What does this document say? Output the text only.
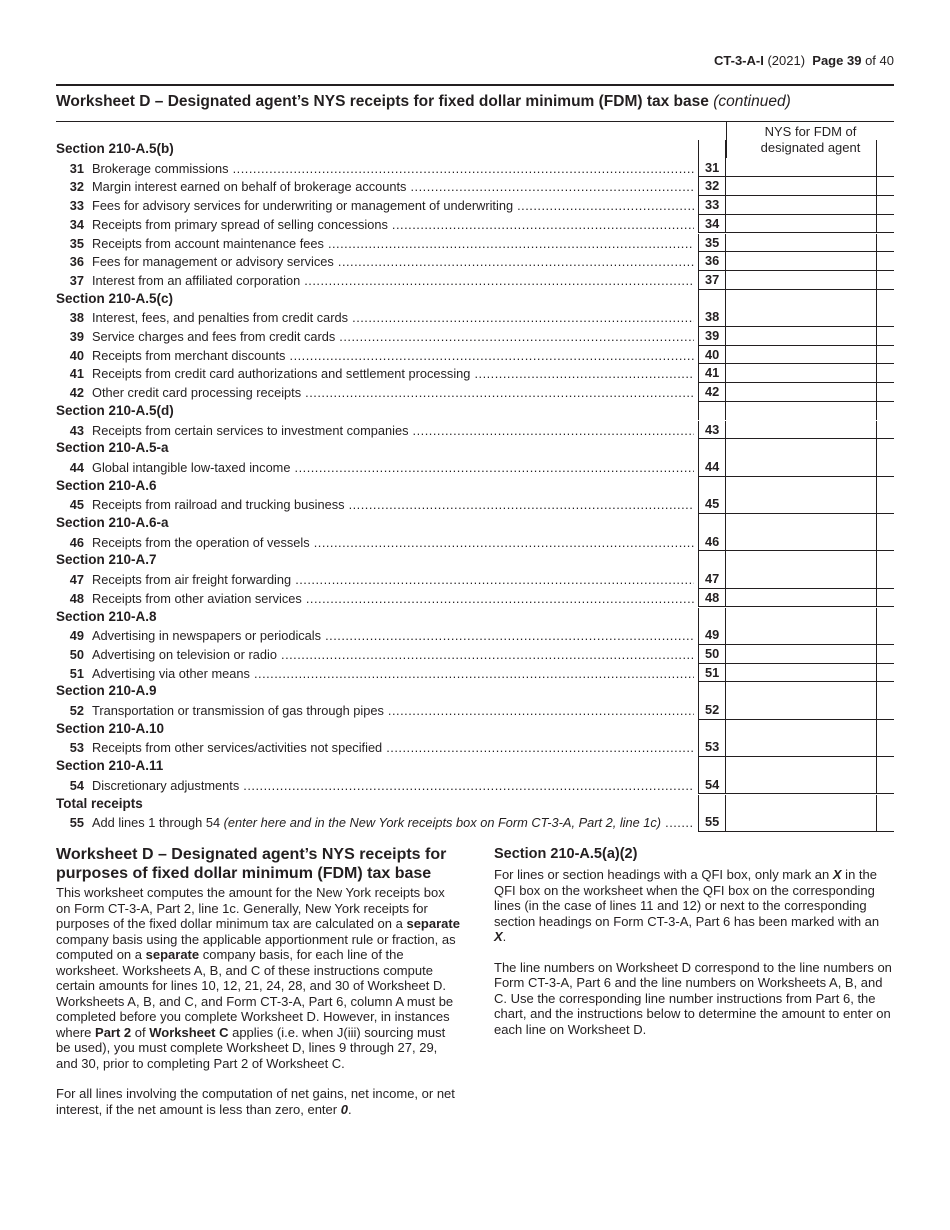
CT-3-A-I (2021) Page 39 of 40
Worksheet D – Designated agent’s NYS receipts for fixed dollar minimum (FDM) tax base (continued)
NYS for FDM of
designated agent
Section 210-A.5(b)
31 Brokerage commissions .....	31
32 Margin interest earned on behalf of brokerage accounts .....	32
33 Fees for advisory services for underwriting or management of underwriting .....	33
34 Receipts from primary spread of selling concessions .....	34
35 Receipts from account maintenance fees .....	35
36 Fees for management or advisory services .....	36
37 Interest from an affiliated corporation .....	37
Section 210-A.5(c)
38 Interest, fees, and penalties from credit cards .....	38
39 Service charges and fees from credit cards .....	39
40 Receipts from merchant discounts .....	40
41 Receipts from credit card authorizations and settlement processing .....	41
42 Other credit card processing receipts .....	42
Section 210-A.5(d)
43 Receipts from certain services to investment companies .....	43
Section 210-A.5-a
44 Global intangible low-taxed income .....	44
Section 210-A.6
45 Receipts from railroad and trucking business .....	45
Section 210-A.6-a
46 Receipts from the operation of vessels .....	46
Section 210-A.7
47 Receipts from air freight forwarding .....	47
48 Receipts from other aviation services .....	48
Section 210-A.8
49 Advertising in newspapers or periodicals .....	49
50 Advertising on television or radio .....	50
51 Advertising via other means .....	51
Section 210-A.9
52 Transportation or transmission of gas through pipes .....	52
Section 210-A.10
53 Receipts from other services/activities not specified .....	53
Section 210-A.11
54 Discretionary adjustments .....	54
Total receipts
55 Add lines 1 through 54 (enter here and in the New York receipts box on Form CT-3-A, Part 2, line 1c) .....	55
Worksheet D – Designated agent’s NYS receipts for purposes of fixed dollar minimum (FDM) tax base

This worksheet computes the amount for the New York receipts box on Form CT-3-A, Part 2, line 1c. Generally, New York receipts for purposes of the fixed dollar minimum tax are calculated on a separate company basis using the applicable apportionment rule or fraction, as computed on a separate company basis, for each line of the worksheet. Worksheets A, B, and C of these instructions compute certain amounts for lines 10, 12, 21, 24, 28, and 30 of Worksheet D. Worksheets A, B, and C, and Form CT-3-A, Part 6, column A must be completed before you complete Worksheet D. However, in instances where Part 2 of Worksheet C applies (i.e. when J(iii) sourcing must be used), you must complete Worksheet D, lines 9 through 27, 29, and 30, prior to completing Part 2 of Worksheet C.

For all lines involving the computation of net gains, net income, or net interest, if the net amount is less than zero, enter 0.

Section 210-A.5(a)(2)

For lines or section headings with a QFI box, only mark an X in the QFI box on the worksheet when the QFI box on the corresponding lines (in the case of lines 11 and 12) or next to the corresponding section headings on Form CT-3-A, Part 6 has been marked with an X.

The line numbers on Worksheet D correspond to the line numbers on Form CT-3-A, Part 6 and the line numbers on Worksheets A, B, and C. Use the corresponding line number instructions from Part 6, the chart, and the instructions below to determine the amount to enter on each line on Worksheet D.
